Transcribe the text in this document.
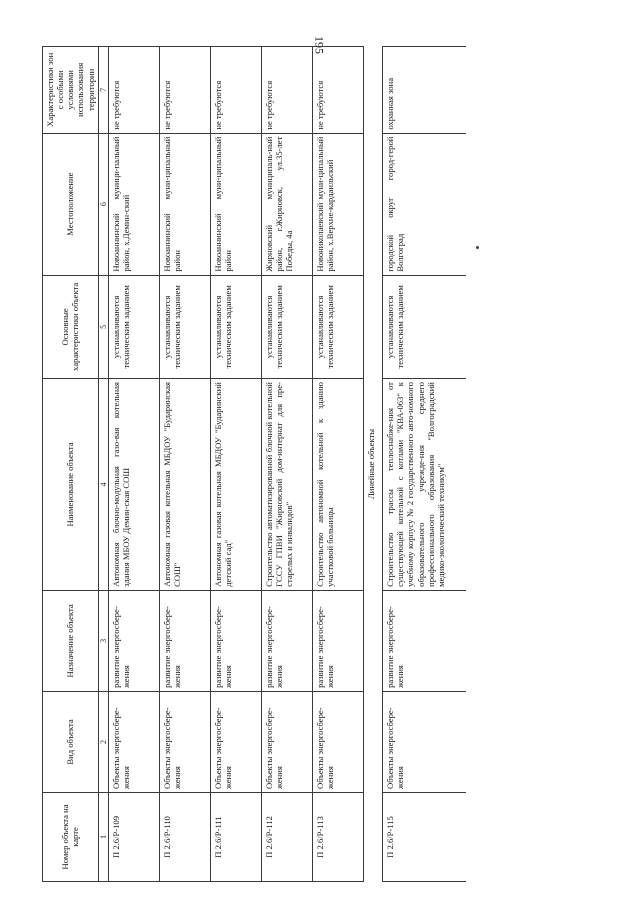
195
Номер объекта на карте	Вид объекта	Назначение объекта	Наименование объекта	Основные характеристики объекта	Местоположение	Характеристики зон с особыми условиями использования территории
1	2	3	4	5	6	7
П 2.6/Р-109	Объекты энергосбере-жения	развитие энергосбере-жения	Автономная блочно-модульная газо-вая котельная здания МБОУ Демин-ская СОШ	устанавливаются техническим заданием	Новоаннинский муници-пальный район, х.Демин-ский	не требуются
П 2.6/Р-110	Объекты энергосбере-жения	развитие энергосбере-жения	Автономная газовая котельная МБДОУ "Бударинская СОШ"	устанавливаются техническим заданием	Новоаннинский муни-ципальный район	не требуются
П 2.6/Р-111	Объекты энергосбере-жения	развитие энергосбере-жения	Автономная газовая котельная МБДОУ "Бударинский детский сад"	устанавливаются техническим заданием	Новоаннинский муни-ципальный район	не требуются
П 2.6/Р-112	Объекты энергосбере-жения	развитие энергосбере-жения	Строительство автоматизированной блочной котельной ГССУ ГПВИ "Жирновский дом-интернат для пре-старелых и инвалидов"	устанавливаются техническим заданием	Жирновский муниципаль-ный район, г.Жирновск, ул.35-лет Победы, 4а	не требуются
П 2.6/Р-113	Объекты энергосбере-жения	развитие энергосбере-жения	Строительство автономной котельной к зданию участковой больницы	устанавливаются техническим заданием	Новониколаевский муни-ципальный район, х.Верхне-кардаильский	не требуются
Линейные объекты						
П 2.6/Р-115	Объекты энергосбере-жения	развитие энергосбере-жения	Строительство трассы теплоснабже-ния от существующей котельной с котлами "КВА-063" к учебному корпусу № 2 государственного авто-номного образовательного учрежде-ния среднего профессионального образования "Волгоградский медико-экологический техникум"	устанавливаются техническим заданием	городской округ город-герой Волгоград	охранная зона
